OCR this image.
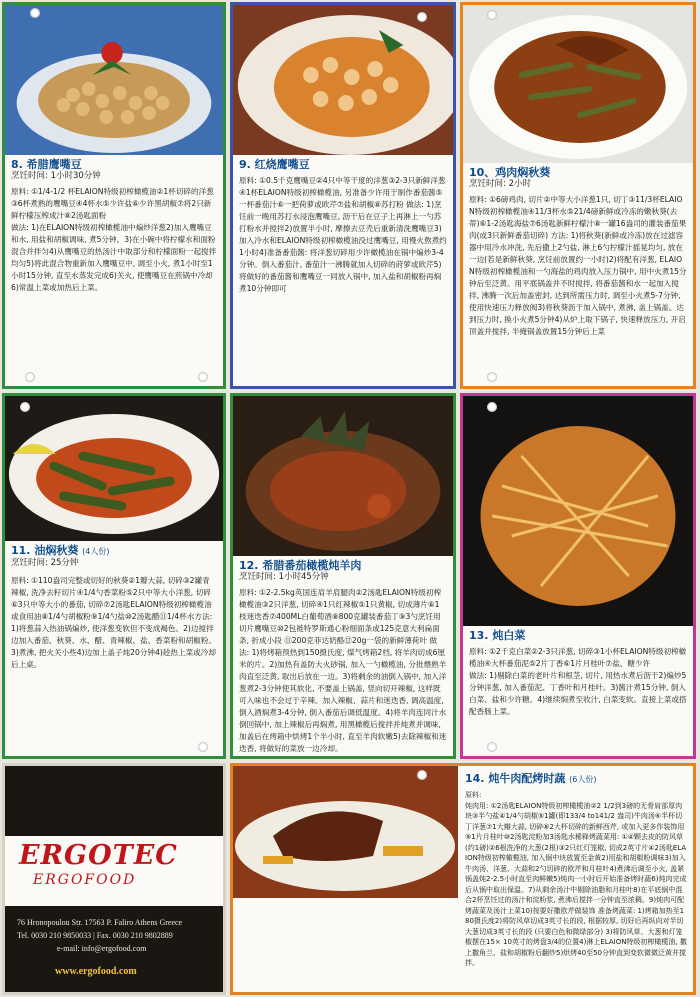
8. 希腊鹰嘴豆
烹饪时间: 1小时30分钟
原料: ①1/4-1/2 杯ELAION特级初榨橄榄油②1杯切碎的洋葱③6杯煮熟的鹰嘴豆④4杯水⑤少许盐⑥少许黑胡椒⑦将2只新鲜柠檬压榨成汁⑧2汤匙面粉
做法: 1)在ELAION特级初榨橄榄油中煸炒洋葱2)加入鹰嘴豆和水, 用盐和胡椒调味, 煮5分钟。3)在小碗中将柠檬水和面粉混合并拌匀4)从鹰嘴豆的热汤汁中取部分和柠檬面粉一起搅拌均匀5)将此混合物重新加入鹰嘴豆中, 调至小火, 煮1小时至1小时15分钟, 直至水蒸发完成6)关火, 使鹰嘴豆在煎锅中冷却6)常温上菜或加热后上菜。
9. 红烧鹰嘴豆
原料: ①0.5千克鹰嘴豆②4只中等干度的洋葱③2-3只新鲜洋葱④1杯ELAION特级初榨橄榄油, 另准备少许用于制作番茄酱⑤一杯番茄汁⑥一把荷萝或欧芹⑦盐和胡椒⑧苏打粉 做法: 1)烹饪前一晚用苏打水浸泡鹰嘴豆, 沥干后在豆子上再淋上一勺苏打粉水并搅拌2)放置半小时, 摩擦去豆壳后重新清洗鹰嘴豆3)加入冷水和ELAION特级初榨橄榄油没过鹰嘴豆, 用慢火熬煮约1小时4)准备番茄酱: 将洋葱切碎用少许橄榄油在锅中煸炒3-4分钟。倒入番茄汁, 番茄汁一沸腾就加入切碎的莳萝或欧芹5)将做好的番茄酱和鹰嘴豆一同放入锅中, 加入盐和胡椒粉再焖煮10分钟即可
10、鸡肉焖秋葵
烹饪时间: 2小时
原料: ①6磅鸡肉, 切片②中等大小洋葱1只, 切丁③11/3杯ELAION特级初榨橄榄油④11/3杯水⑤21/4磅新鲜或冷冻的嫩秋葵(去蒂)⑥1-2汤匙海盐⑦6汤匙新鲜柠檬汁⑧一罐16盎司的灌装番茄果肉(或3只新鲜番茄切碎) 方法: 1)将秋葵(新鲜或冷冻)放在过滤容器中用冷水冲洗, 先后撒上2勺盐, 淋上6勺柠檬汁摇晃均匀, 放在一边(若是新鲜秋葵, 烹饪前放置约一小时)2)将配有洋葱, ELAION特级初榨橄榄油和一勺海盐的鸡肉放入压力锅中, 用中火煮15分钟后至泛黄。用平底锅盖并不时搅拌, 将番茄酱和水一起加入搅拌, 沸腾一次后加盖密封, 达到所需压力时, 调至小火煮5-7分钟, 使用快速压力释放阀3)将秋葵沥干加入锅中, 煮沸, 盖上锅盖。达到压力时, 换小火煮5分钟4)从炉上取下锅子, 快速释放压力, 开启顶盖并搅拌, 半掩锅盖放置15分钟后上菜
11. 油焖秋葵 (4人份)
烹饪时间: 25分钟
原料: ①110盎司完整或切好的秋葵②1瓣大蒜, 切碎③2罐青辣椒, 洗净去籽切片④1/4勺香菜粉⑤2只中等大小洋葱, 切碎⑥3只中等大小的番茄, 切碎⑦2汤匙ELAION特级初榨橄榄油或食用油⑧1/4勺胡椒粉⑨1/4勺盐⑩2汤匙醋⑪1/4杯水方法: 1)将葱蒜入热油锅煸炒, 使洋葱变软但不变成褐色。2)边搅拌边加入番茄、秋葵、水、醋、青辣椒、盐、香菜粉和胡椒粉。3)煮沸, 把火关小些4)边加上盖子炖20分钟4)趁热上菜或冷却后上桌。
12. 希腊番茄橄榄炖羊肉
烹饪时间: 1小时45分钟
原料: ①2-2.5kg英国连肩羊肩腿肉②2汤匙ELAION特级初榨橄榄油③2只洋葱, 切碎④1只红辣椒⑤1只黄椒, 切成薄片⑥1枝迷迭香⑦400ML白葡萄酒⑧800克罐装番茄丁⑨3勺烹饪用切片鹰嘴豆⑩2包裢特罗斯通心粉细面条或125克意大利扁面条, 折成小段 ⑪200克菲达奶酪⑫20g一袋的新鲜薄荷叶 做法: 1)将烤箱预热到150摄氏度, 煤气烤箱2档, 将羊肉切成6厘米的片。2)加热有盖防大火砂锅, 加入一勺橄榄油, 分批煨熟羊肉直至泛黄, 取出后放在一边。3)将剩余的油倒入锅中, 加入洋葱煮2-3分钟使其软化, 不要盖上锅盖, 竖向切开辣椒, 这样既可入味也不会过于辛辣。加入辣椒、蒜片和迷迭香, 调高温度, 倒入酒焖煮3-4分钟, 倒入番茄后调低温度。4)将羊肉连同汁水倒回锅中, 加上辣椒后再焖煮, 用黑橄榄后搅拌并炖煮并调味, 加盖后在烤箱中烘烤1个半小时, 直至羊肉软嫩5)去除辣椒和迷迭香, 将做好的菜放一边冷却。
13. 炖白菜
原料: ①2千克白菜②2-3只洋葱, 切碎③1小杯ELAION特级初榨橄榄油④大杯番茄泥⑤2片丁香⑥1片月桂叶⑦盐、糖少许
做法: 1)剔除白菜的老叶片和根茎, 切片, 用热水煮后沥干2)煸炒5分钟洋葱, 加入番茄泥、丁香叶和月桂叶。3)酱汁煮15分钟, 倒入白菜、盐和少许糖。4)继续焖煮至收汁, 白菜变软。直接上菜或搭配香肠上菜。
14. 炖牛肉配烤时蔬 (6人份)
原料:
炖肉用: ①2汤匙ELAION特级初榨橄榄油②2 1/2到3磅的无骨肩部厚肉块③半勺盐④1/4勺胡椒⑤1罐(即133/4 to141/2 盎司)牛肉汤⑥半杯切丁洋葱⑦1大瓣大蒜, 切碎⑧2大杯切碎的新鲜西芹, 或加入更多作装饰用⑨1片月桂叶⑩2汤匙淀粉加3汤匙水稀释烤蔬菜用: ①④颗去皮的防风草(约1磅)②6根洗净的大葱(2根)③2只红灯笼椒, 切成2英寸片④2汤匙ELAION特级初榨橄榄油, 加入锅中块放置至金黄2)用盐和胡椒粉调味3)加入牛肉汤、洋葱、大蒜和2勺切碎的欧芹和月桂叶4)煮沸后调至小火, 盖紧锅盖炖2-2.5小时直至肉鲜嫩5)炖肉一小时后开始准备烤时蔬6)炖肉完成后从锅中取出保温。7)从剩余汤汁中剔除油脂和月桂叶8)在平底锅中混合2杯烹饪过的汤汁和淀粉浆, 煮沸后搅拌一分钟直至浓稠。9)炖肉可配烤蔬菜及汤汁上菜10)按要好撒欧芹做装饰 准备烤蔬菜: 1)烤箱加热至180摄氏度2)将防风草切成3英寸长的段, 根据较厚, 切好后再纵向对半切大葱切成3英寸长的段 (只要白色和微绿部分) 3)将防风草、大葱和灯笼椒摆在15× 10英寸的烤盘3/4的位置4)淋上ELAION特级初榨橄榄油, 撒上撒角兰、盐和胡椒粉后翻炒5)烘烤40至50分钟直到变软微微泛黄并搅拌。
ERGOTEC
ERGOFOOD
76 Hronopoulou Str. 17563 P. Faliro Athens Greece
Tel. 0030 210 9850033 | Fax. 0030 210 9802889
e-mail: info@ergofood.com
www.ergofood.com
